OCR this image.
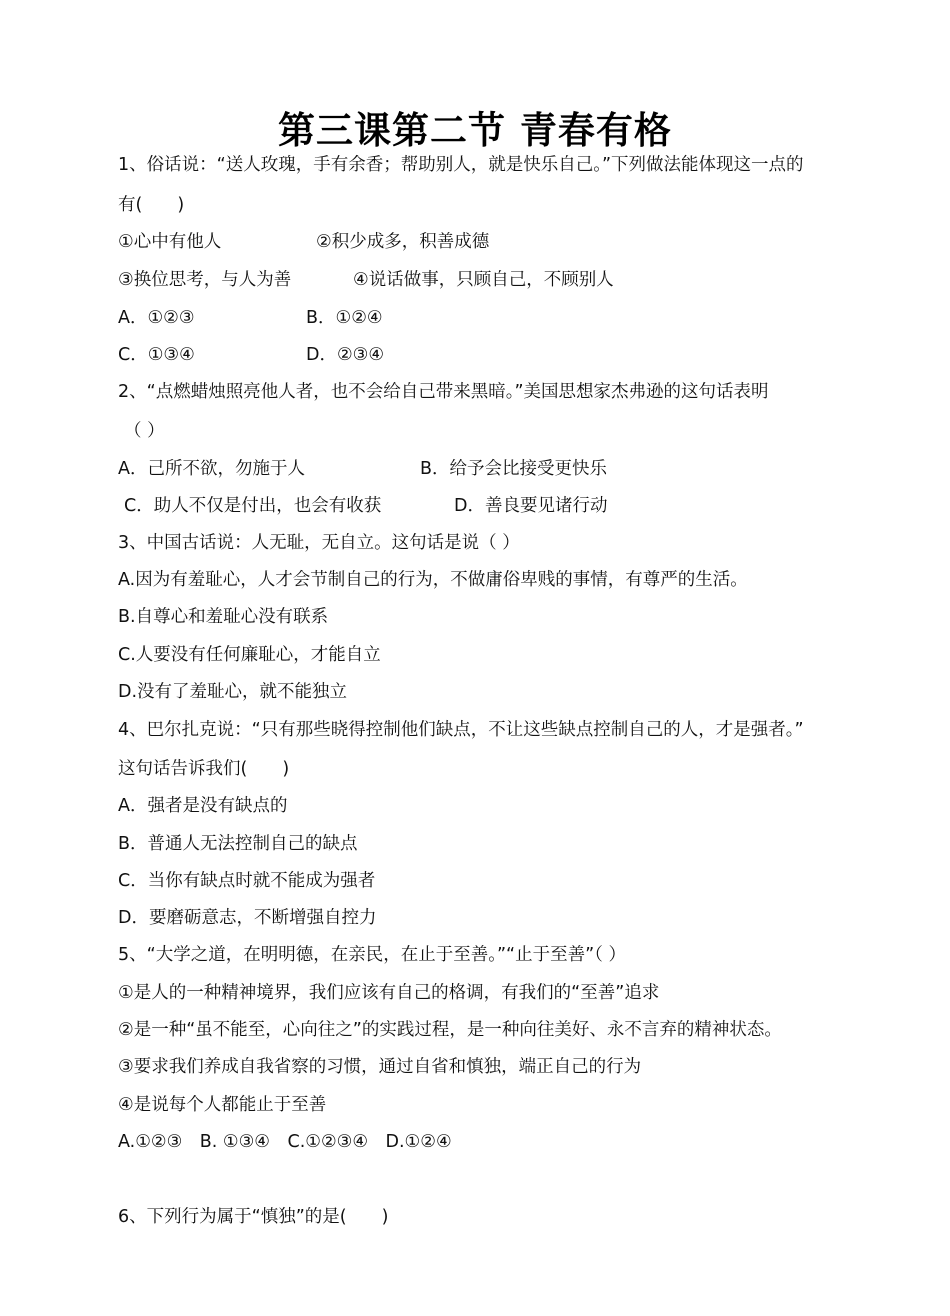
第三课第二节 青春有格
1、俗话说：“送人玫瑰，手有余香；帮助别人，就是快乐自己。”下列做法能体现这一点的
有(　　)
①心中有他人	②积少成多，积善成德
③换位思考，与人为善	④说话做事，只顾自己，不顾别人
A．①②③	B．①②④
C．①③④	D．②③④
2、“点燃蜡烛照亮他人者，也不会给自己带来黑暗。”美国思想家杰弗逊的这句话表明
（ ）
A．己所不欲，勿施于人	B．给予会比接受更快乐
C．助人不仅是付出，也会有收获	D．善良要见诸行动
3、中国古话说：人无耻，无自立。这句话是说（ ）
A.因为有羞耻心，人才会节制自己的行为，不做庸俗卑贱的事情，有尊严的生活。
B.自尊心和羞耻心没有联系
C.人要没有任何廉耻心，才能自立
D.没有了羞耻心，就不能独立
4、巴尔扎克说：“只有那些晓得控制他们缺点，不让这些缺点控制自己的人，才是强者。”
这句话告诉我们(　　)
A．强者是没有缺点的
B．普通人无法控制自己的缺点
C．当你有缺点时就不能成为强者
D．要磨砺意志，不断增强自控力
5、“大学之道，在明明德，在亲民，在止于至善。”“止于至善”（ ）
①是人的一种精神境界，我们应该有自己的格调，有我们的“至善”追求
②是一种“虽不能至，心向往之”的实践过程，是一种向往美好、永不言弃的精神状态。
③要求我们养成自我省察的习惯，通过自省和慎独，端正自己的行为
④是说每个人都能止于至善
A.①②③　B. ①③④　C.①②③④　D.①②④
6、下列行为属于“慎独”的是(　　)
